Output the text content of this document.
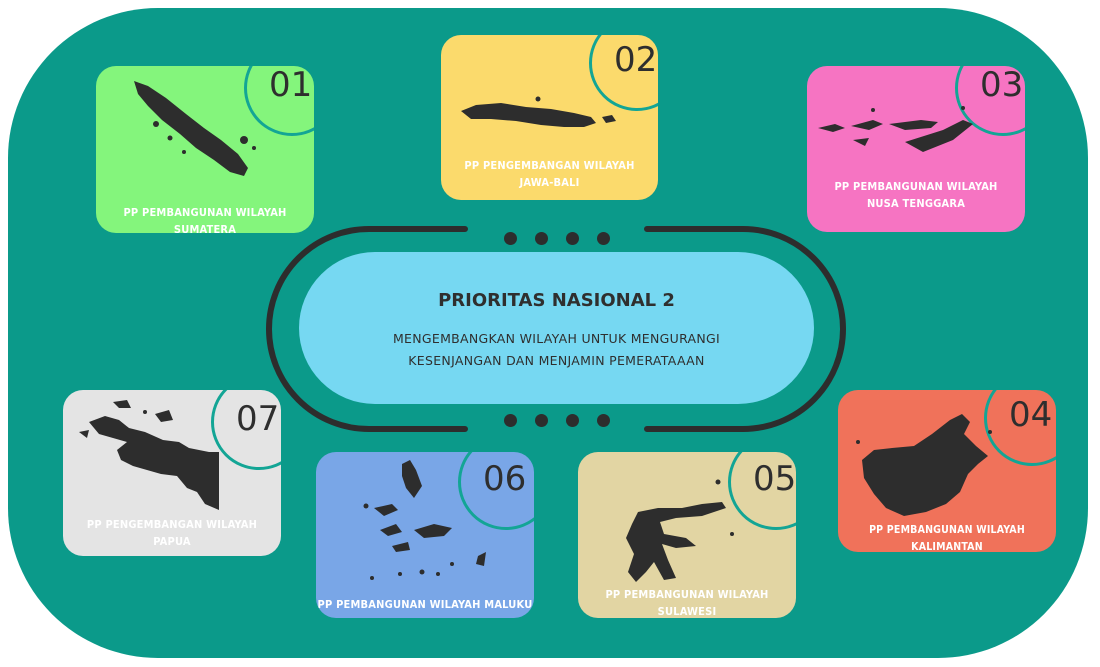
01
PP PEMBANGUNAN WILAYAH SUMATERA
02
PP PENGEMBANGAN WILAYAH
JAWA-BALI
03
PP PEMBANGUNAN WILAYAH
NUSA TENGGARA
04
PP PEMBANGUNAN WILAYAH KALIMANTAN
05
PP PEMBANGUNAN WILAYAH SULAWESI
06
PP PEMBANGUNAN WILAYAH MALUKU
07
PP PENGEMBANGAN WILAYAH
PAPUA
PRIORITAS NASIONAL 2
MENGEMBANGKAN WILAYAH UNTUK MENGURANGI
KESENJANGAN DAN MENJAMIN PEMERATAAAN
